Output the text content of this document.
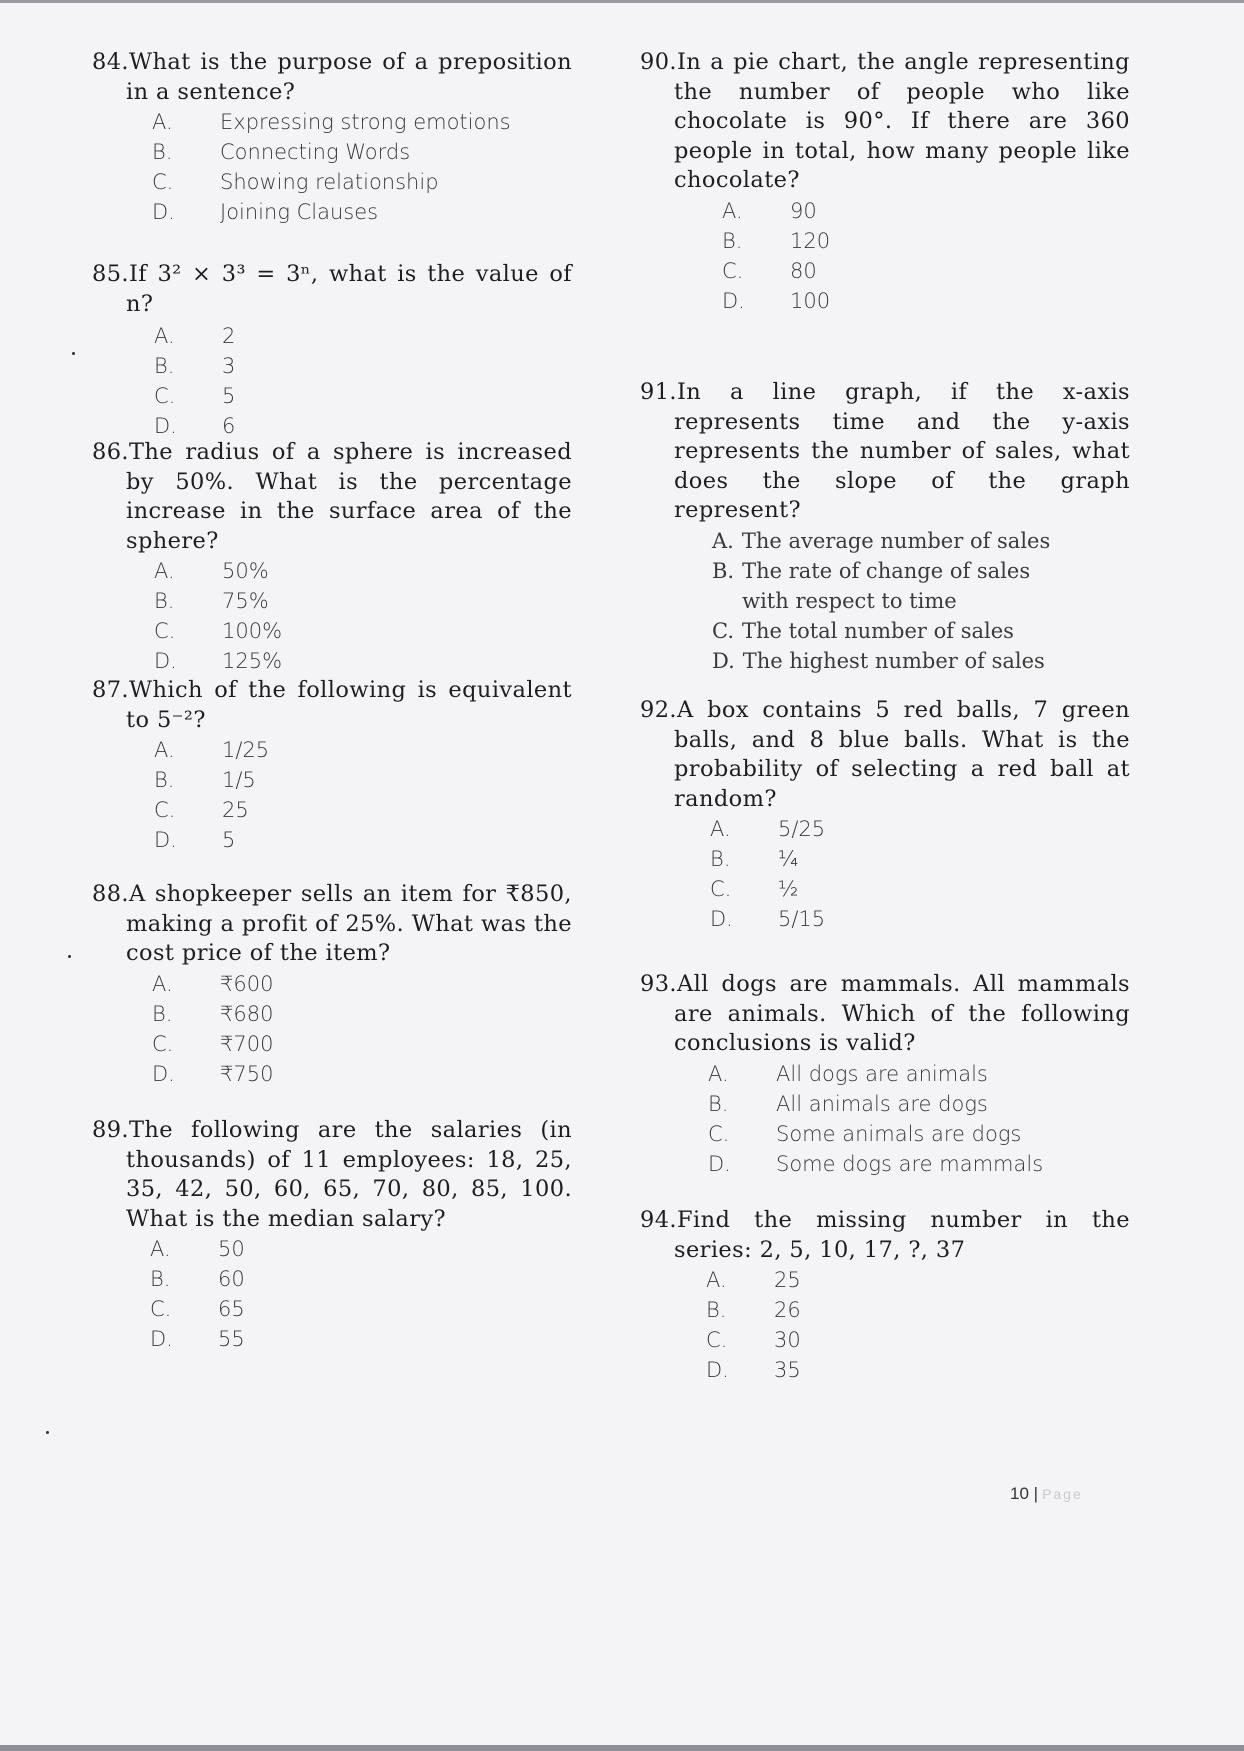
84.What is the purpose of a preposition in a sentence?
A.	Expressing strong emotions
B.	Connecting Words
C.	Showing relationship
D.	Joining Clauses
85.If 3² × 3³ = 3ⁿ, what is the value of n?
A.	2
B.	3
C.	5
D.	6
86.The radius of a sphere is increased by 50%. What is the percentage increase in the surface area of the sphere?
A.	50%
B.	75%
C.	100%
D.	125%
87.Which of the following is equivalent to 5⁻²?
A.	1/25
B.	1/5
C.	25
D.	5
88.A shopkeeper sells an item for ₹850, making a profit of 25%. What was the cost price of the item?
A.	₹600
B.	₹680
C.	₹700
D.	₹750
89.The following are the salaries (in thousands) of 11 employees: 18, 25, 35, 42, 50, 60, 65, 70, 80, 85, 100. What is the median salary?
A.	50
B.	60
C.	65
D.	55
90.In a pie chart, the angle representing the number of people who like chocolate is 90°. If there are 360 people in total, how many people like chocolate?
A.	90
B.	120
C.	80
D.	100
91.In a line graph, if the x-axis represents time and the y-axis represents the number of sales, what does the slope of the graph represent?
A. The average number of sales
B. The rate of change of sales with respect to time
C. The total number of sales
D. The highest number of sales
92.A box contains 5 red balls, 7 green balls, and 8 blue balls. What is the probability of selecting a red ball at random?
A.	5/25
B.	¼
C.	½
D.	5/15
93.All dogs are mammals. All mammals are animals. Which of the following conclusions is valid?
A.	All dogs are animals
B.	All animals are dogs
C.	Some animals are dogs
D.	Some dogs are mammals
94.Find the missing number in the series: 2, 5, 10, 17, ?, 37
A.	25
B.	26
C.	30
D.	35
10 | Page
